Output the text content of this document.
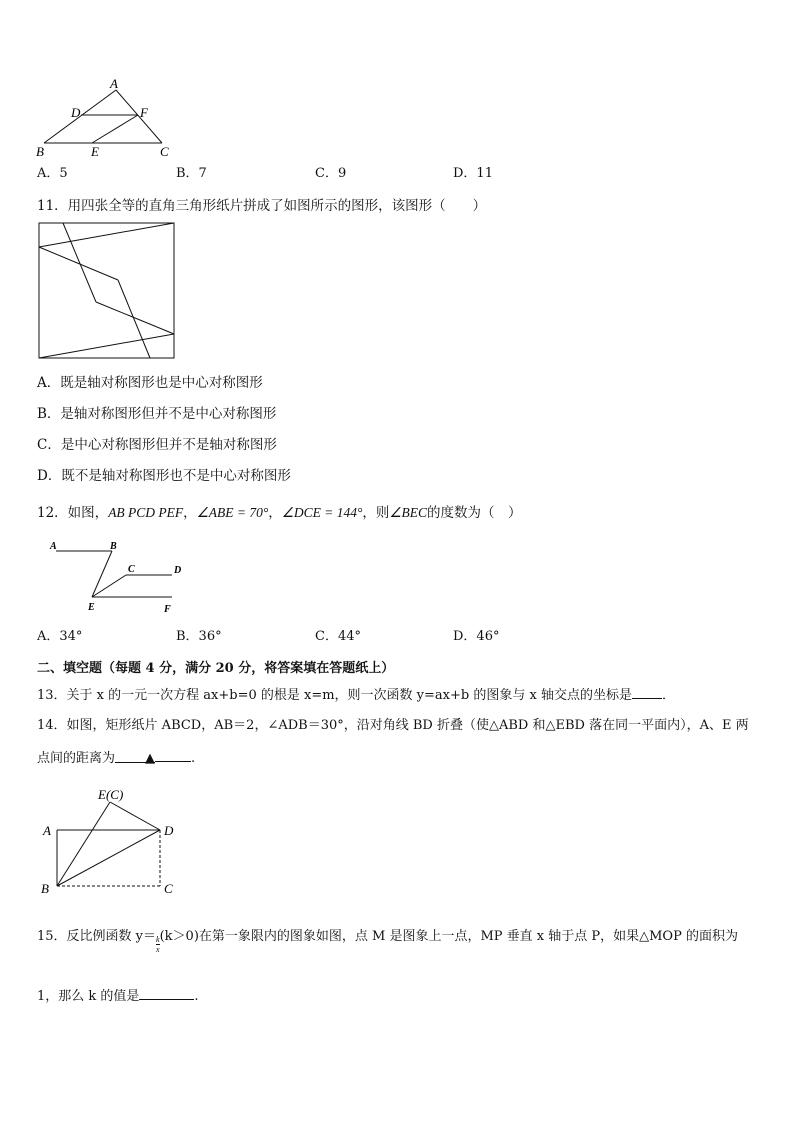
A
D	F
B	E	C
A．5	B．7	C．9	D．11
11．用四张全等的直角三角形纸片拼成了如图所示的图形，该图形（　　）
A．既是轴对称图形也是中心对称图形
B．是轴对称图形但并不是中心对称图形
C．是中心对称图形但并不是轴对称图形
D．既不是轴对称图形也不是中心对称图形
12．如图，AB PCD PEF，∠ABE = 70°，∠DCE = 144°，则∠BEC的度数为（　）
A	B
C	D
E	F
A．34°	B．36°	C．44°	D．46°
二、填空题（每题 4 分，满分 20 分，将答案填在答题纸上）
13．关于 x 的一元一次方程 ax+b=0 的根是 x=m，则一次函数 y=ax+b 的图象与 x 轴交点的坐标是 ．
14．如图，矩形纸片 ABCD，AB＝2，∠ADB＝30°，沿对角线 BD 折叠（使△ABD 和△EBD 落在同一平面内），A、E 两
点间的距离为 ▲	.
E(C)
A	D
B	C
15．反比例函数 $y= \frac{k}{x} (k>0)$在第一象限内的图象如图，点 M 是图象上一点，MP 垂直 x 轴于点 P，如果△MOP 的面积为
1，那么 k 的值是	.
